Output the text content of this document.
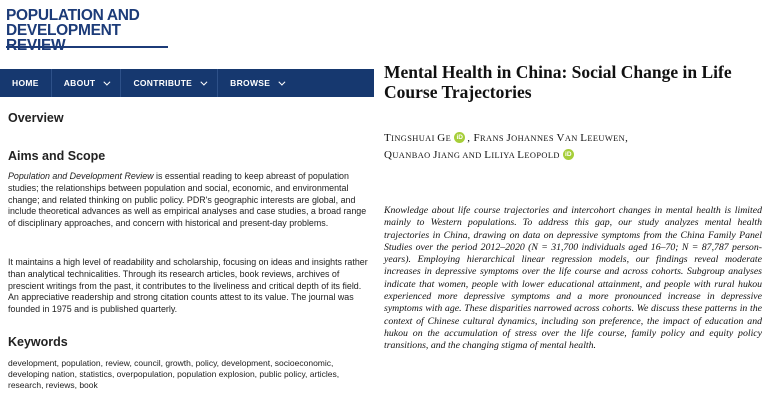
POPULATION AND
DEVELOPMENT
HOME	ABOUT	CONTRIBUTE	BROWSE
Overview
Aims and Scope

Population and Development Review is essential reading to keep abreast of population studies; the relationships between population and social, economic, and environmental change; and related thinking on public policy. PDR's geographic interests are global, and include theoretical advances as well as empirical analyses and case studies, a broad range of disciplinary approaches, and concern with historical and present-day problems.

It maintains a high level of readability and scholarship, focusing on ideas and insights rather than analytical technicalities. Through its research articles, book reviews, archives of prescient writings from the past, it contributes to the liveliness and critical depth of its field. An appreciative readership and strong citation counts attest to its value. The journal was founded in 1975 and is published quarterly.

Keywords

development, population, review, council, growth, policy, development, socioeconomic, developing nation, statistics, overpopulation, population explosion, public policy, articles, research, reviews, book

Mental Health in China: Social Change in Life Course Trajectories
TINGSHUAI GE iD , FRANS JOHANNES VAN LEEUWEN,
QUANBAO JIANG AND LILIYA LEOPOLD iD

Knowledge about life course trajectories and intercohort changes in mental health is limited mainly to Western populations. To address this gap, our study analyzes mental health trajectories in China, drawing on data on depressive symptoms from the China Family Panel Studies over the period 2012–2020 (N = 31,700 individuals aged 16–70; N = 87,787 person-years). Employing hierarchical linear regression models, our findings reveal moderate increases in depressive symptoms over the life course and across cohorts. Subgroup analyses indicate that women, people with lower educational attainment, and people with rural hukou experienced more depressive symptoms and a more pronounced increase in depressive symptoms with age. These disparities narrowed across cohorts. We discuss these patterns in the context of Chinese cultural dynamics, including son preference, the impact of education and hukou on the accumulation of stress over the life course, family policy and equity policy transitions, and the changing stigma of mental health.
